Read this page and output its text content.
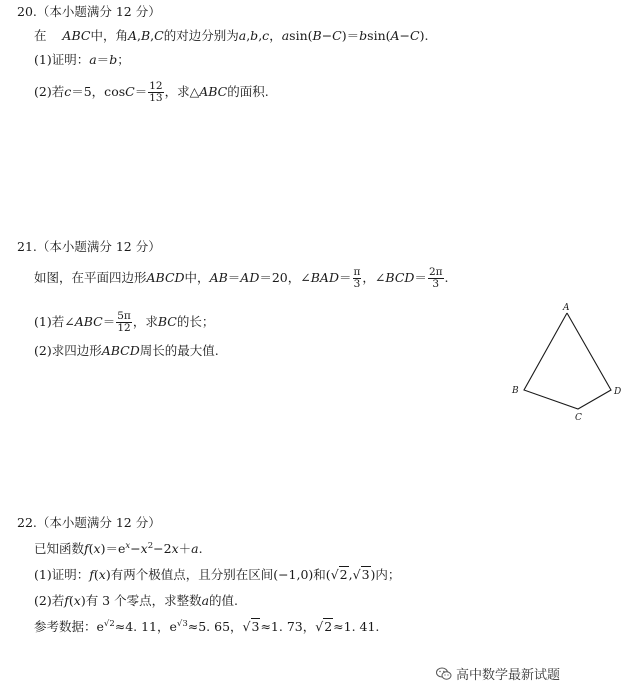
20.（本小题满分 12 分）
在 ABC中，角A,B,C的对边分别为a,b,c，asin(B−C)＝bsin(A−C).
(1)证明：a＝b；
(2)若c＝5，$\cos C= \frac{12}{13}$ ，求△ABC的面积.
21.（本小题满分 12 分）
如图，在平面四边形ABCD中，AB＝AD＝20，∠BAD＝ $\frac{\pi}{3}$ ，∠BCD＝ $\frac{2\pi}{3}$ .
(1)若∠ABC＝ $\frac{5\pi}{12}$ ，求BC的长；
(2)求四边形ABCD周长的最大值.
A
B
C
D
22.（本小题满分 12 分）
已知函数$f(x)=e^x-x^2-2x+a$.
(1)证明：f(x)有两个极值点，且分别在区间(−1,0)和(√2,√3)内；
(2)若f(x)有 3 个零点，求整数a的值.
参考数据：$e^{√2}\approx 4$. 11，$e^{√3}\approx 5$. 65，√3≈1. 73，√2≈1. 41.
高中数学最新试题
